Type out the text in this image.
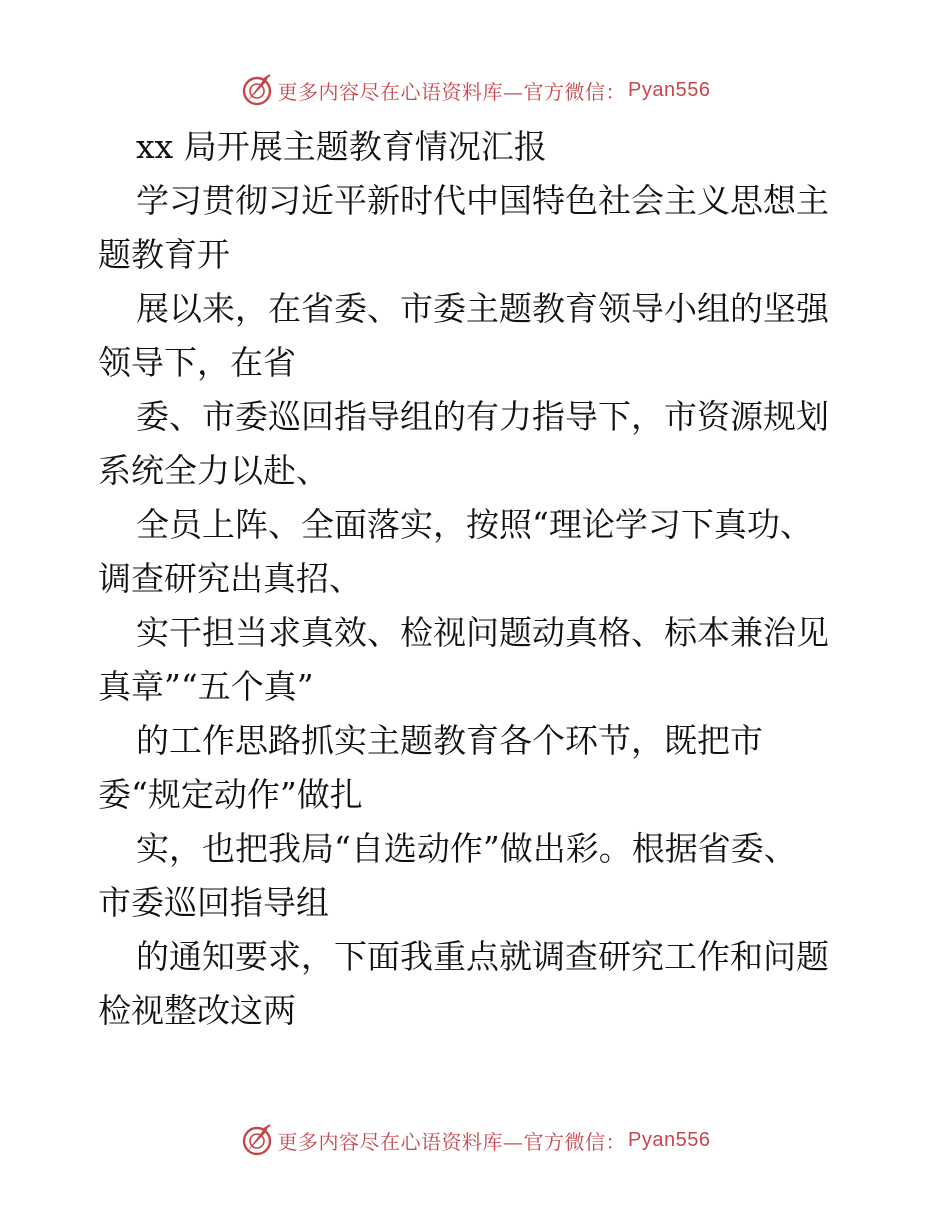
更多内容尽在心语资料库—官方微信： Pyan556
xx 局开展主题教育情况汇报
学习贯彻习近平新时代中国特色社会主义思想主
题教育开
展以来，在省委、市委主题教育领导小组的坚强
领导下，在省
委、市委巡回指导组的有力指导下，市资源规划
系统全力以赴、
全员上阵、全面落实，按照“理论学习下真功、
调查研究出真招、
实干担当求真效、检视问题动真格、标本兼治见
真章”“五个真”
的工作思路抓实主题教育各个环节，既把市
委“规定动作”做扎
实，也把我局“自选动作”做出彩。根据省委、
市委巡回指导组
的通知要求，下面我重点就调查研究工作和问题
检视整改这两
更多内容尽在心语资料库—官方微信： Pyan556
